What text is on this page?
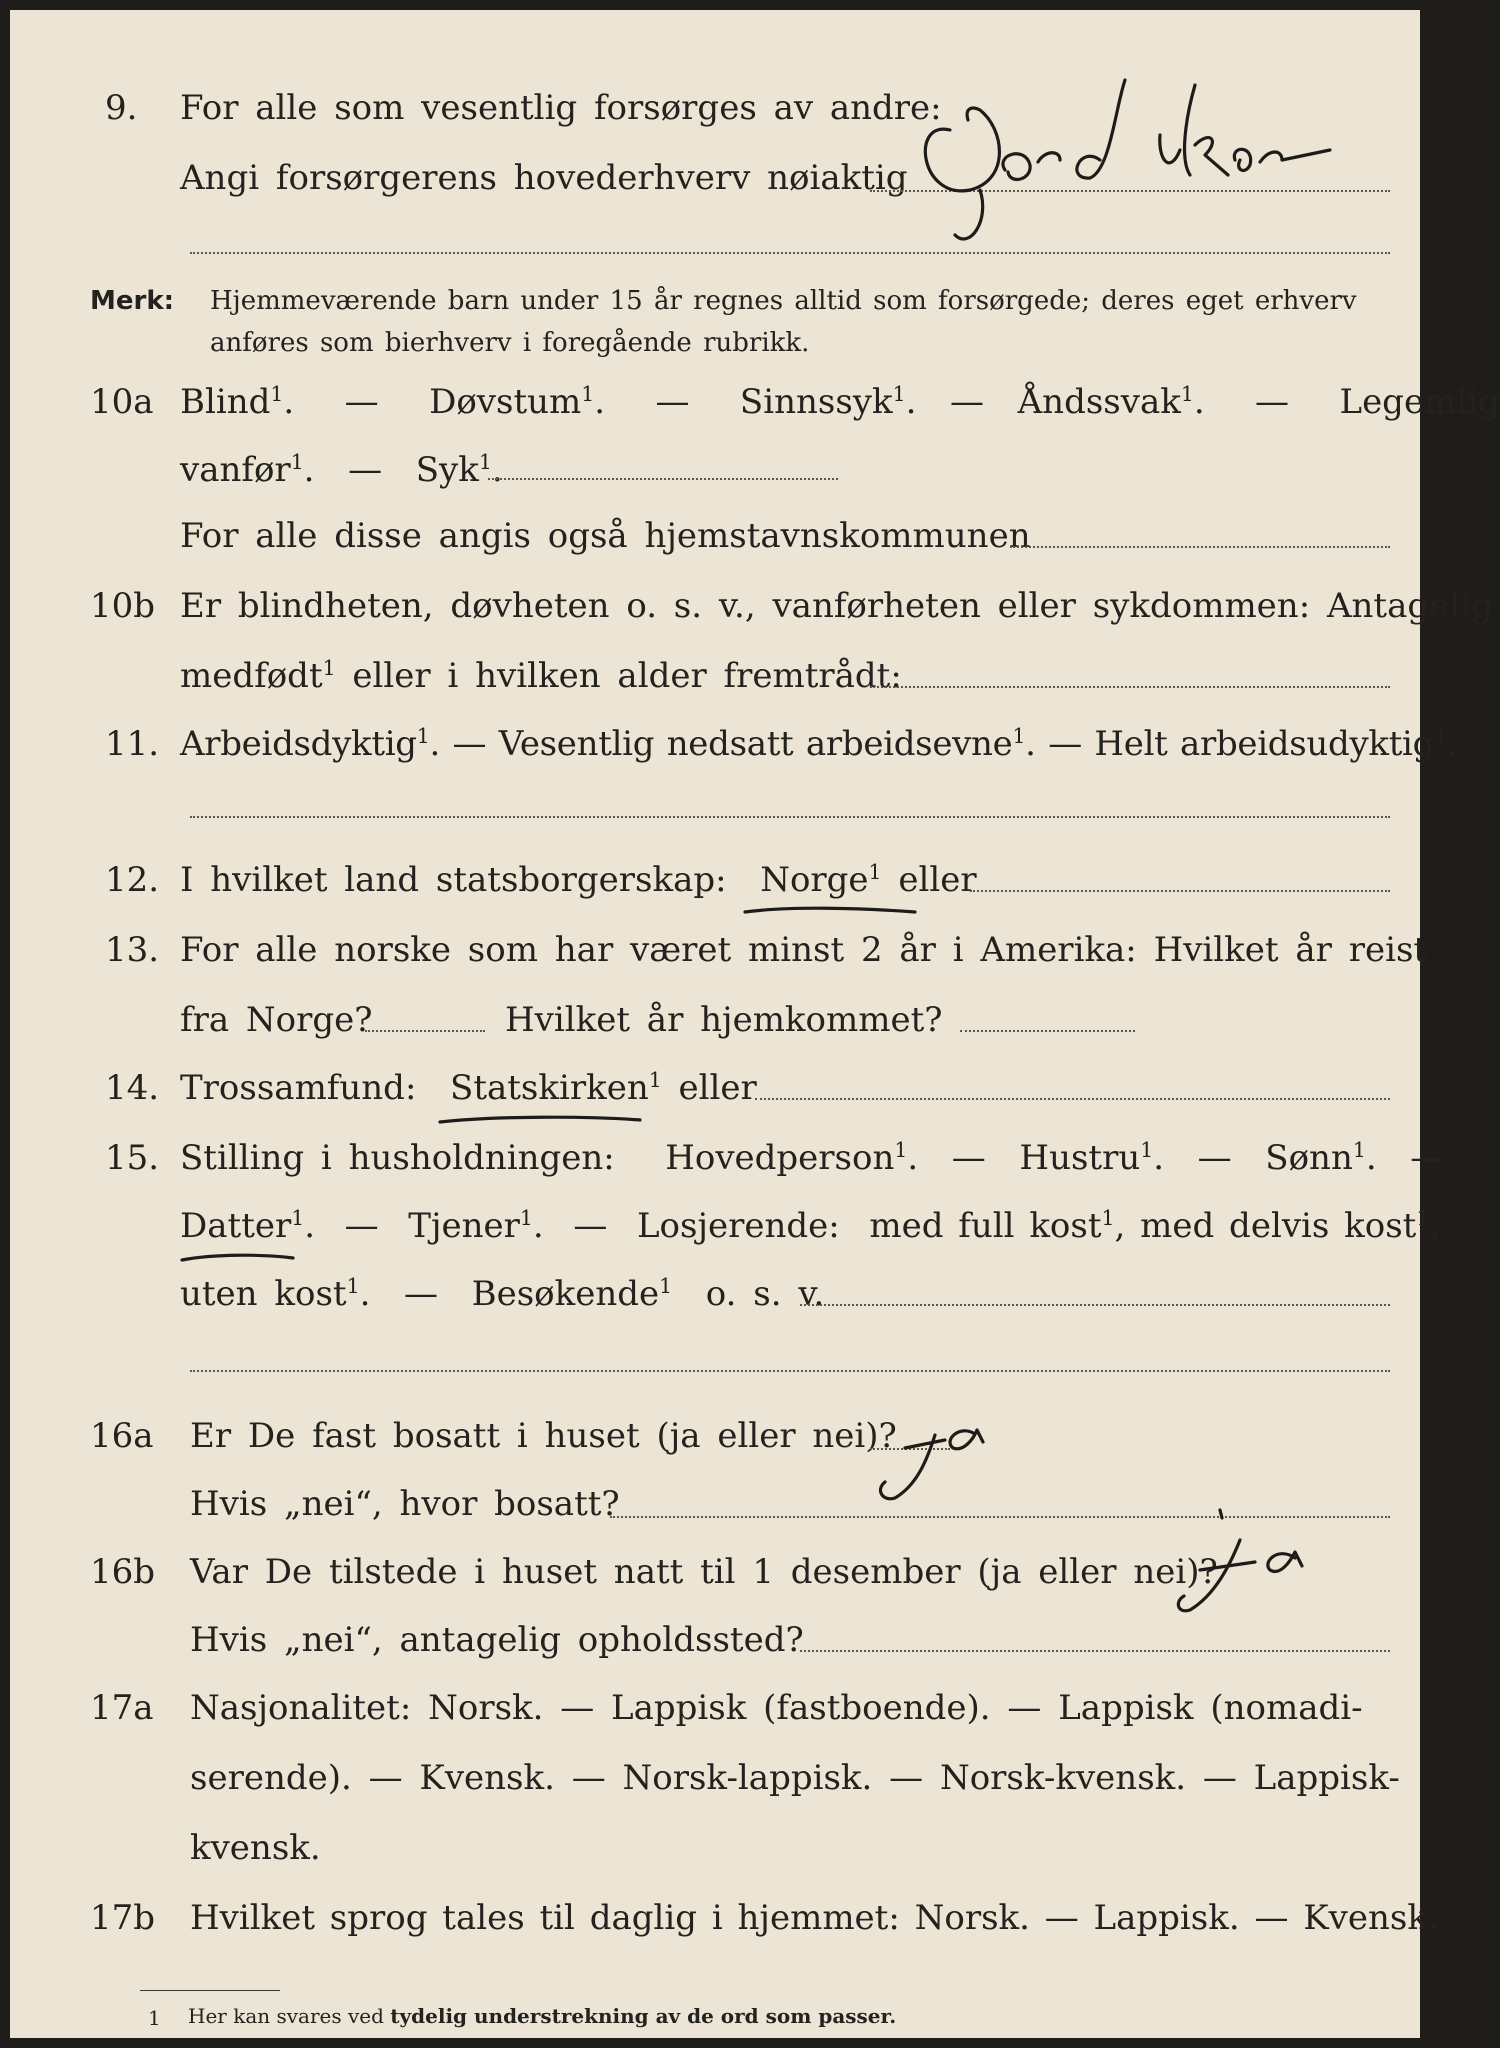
9. For alle som vesentlig forsørges av andre:
Angi forsørgerens hovederhverv nøiaktig
Merk: Hjemmeværende barn under 15 år regnes alltid som forsørgede; deres eget erhverv
anføres som bierhverv i foregående rubrikk.
10a Blind$^1$.   — Døvstum$^1$.   — Sinnssyk$^1$.  — Åndssvak$^1$.   — Legemlig
vanfør$^1$.  — Syk$^1$.
For alle disse angis også hjemstavnskommunen
10b Er blindheten, døvheten o. s. v., vanførheten eller sykdommen: Antagelig
medfødt$^1$ eller i hvilken alder fremtrådt:
11. Arbeidsdyktig$^1$. — Vesentlig nedsatt arbeidsevne$^1$. — Helt arbeidsudyktig$^1$.
12. I hvilket land statsborgerskap: Norge$^1$ eller
13. For alle norske som har været minst 2 år i Amerika: Hvilket år reist
fra Norge?	Hvilket år hjemkommet?
14. Trossamfund: Statskirken$^1$ eller
15. Stilling i husholdningen: Hovedperson$^1$.  — Hustru$^1$.  — Sønn$^1$.  —
Datter$^1$.  — Tjener$^1$.  — Losjerende: med full kost$^1$, med delvis kost$^1$,
uten kost$^1$.  — Besøkende$^1$ o. s. v.
16a Er De fast bosatt i huset (ja eller nei)?
Hvis „nei“, hvor bosatt?
16b Var De tilstede i huset natt til 1 desember (ja eller nei)?
Hvis „nei“, antagelig opholdssted?
17a Nasjonalitet: Norsk. — Lappisk (fastboende). — Lappisk (nomadi-
serende). — Kvensk. — Norsk-lappisk. — Norsk-kvensk. — Lappisk-
kvensk.
17b Hvilket sprog tales til daglig i hjemmet: Norsk. — Lappisk. — Kvensk.
1 Her kan svares ved tydelig understrekning av de ord som passer.
